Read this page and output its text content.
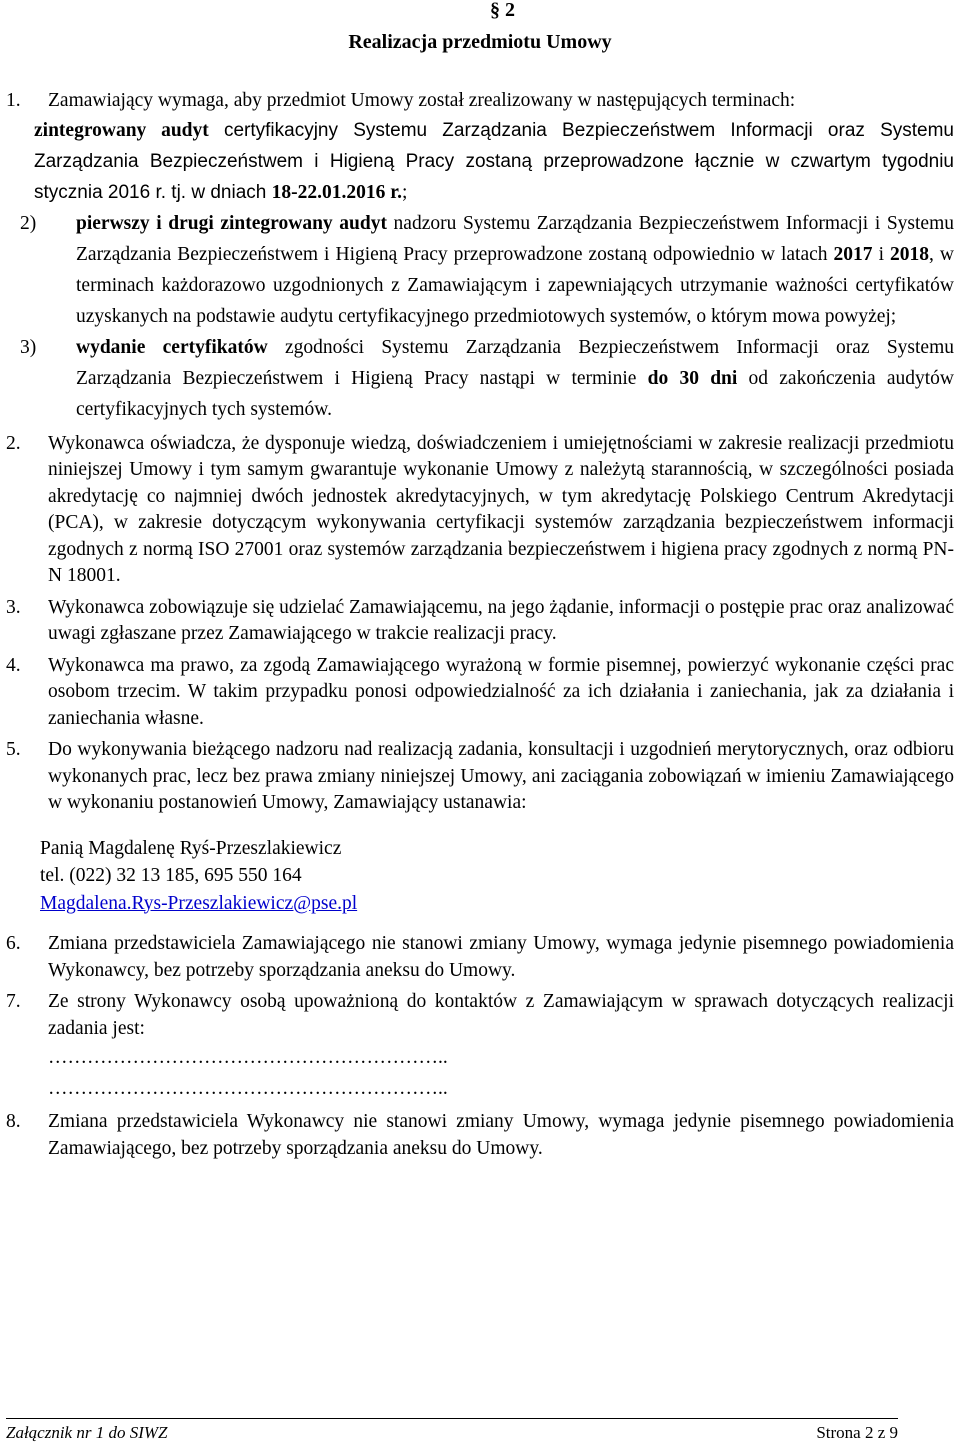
§ 2
Realizacja przedmiotu Umowy
1. Zamawiający wymaga, aby przedmiot Umowy został zrealizowany w następujących terminach:
zintegrowany audyt certyfikacyjny Systemu Zarządzania Bezpieczeństwem Informacji oraz Systemu Zarządzania Bezpieczeństwem i Higieną Pracy zostaną przeprowadzone łącznie w czwartym tygodniu stycznia 2016 r. tj. w dniach 18-22.01.2016 r.;
2) pierwszy i drugi zintegrowany audyt nadzoru Systemu Zarządzania Bezpieczeństwem Informacji i Systemu Zarządzania Bezpieczeństwem i Higieną Pracy przeprowadzone zostaną odpowiednio w latach 2017 i 2018, w terminach każdorazowo uzgodnionych z Zamawiającym i zapewniających utrzymanie ważności certyfikatów uzyskanych na podstawie audytu certyfikacyjnego przedmiotowych systemów, o którym mowa powyżej;
3) wydanie certyfikatów zgodności Systemu Zarządzania Bezpieczeństwem Informacji oraz Systemu Zarządzania Bezpieczeństwem i Higieną Pracy nastąpi w terminie do 30 dni od zakończenia audytów certyfikacyjnych tych systemów.
2. Wykonawca oświadcza, że dysponuje wiedzą, doświadczeniem i umiejętnościami w zakresie realizacji przedmiotu niniejszej Umowy i tym samym gwarantuje wykonanie Umowy z należytą starannością, w szczególności posiada akredytację co najmniej dwóch jednostek akredytacyjnych, w tym akredytację Polskiego Centrum Akredytacji (PCA), w zakresie dotyczącym wykonywania certyfikacji systemów zarządzania bezpieczeństwem informacji zgodnych z normą ISO 27001 oraz systemów zarządzania bezpieczeństwem i higiena pracy zgodnych z normą PN-N 18001.
3. Wykonawca zobowiązuje się udzielać Zamawiającemu, na jego żądanie, informacji o postępie prac oraz analizować uwagi zgłaszane przez Zamawiającego w trakcie realizacji pracy.
4. Wykonawca ma prawo, za zgodą Zamawiającego wyrażoną w formie pisemnej, powierzyć wykonanie części prac osobom trzecim. W takim przypadku ponosi odpowiedzialność za ich działania i zaniechania, jak za działania i zaniechania własne.
5. Do wykonywania bieżącego nadzoru nad realizacją zadania, konsultacji i uzgodnień merytorycznych, oraz odbioru wykonanych prac, lecz bez prawa zmiany niniejszej Umowy, ani zaciągania zobowiązań w imieniu Zamawiającego w wykonaniu postanowień Umowy, Zamawiający ustanawia:
Panią Magdalenę Ryś-Przeszlakiewicz
tel. (022) 32 13 185, 695 550 164
Magdalena.Rys-Przeszlakiewicz@pse.pl
6. Zmiana przedstawiciela Zamawiającego nie stanowi zmiany Umowy, wymaga jedynie pisemnego powiadomienia Wykonawcy, bez potrzeby sporządzania aneksu do Umowy.
7. Ze strony Wykonawcy osobą upoważnioną do kontaktów z Zamawiającym w sprawach dotyczących realizacji zadania jest:
……………………………………………………..
……………………………………………………..
8. Zmiana przedstawiciela Wykonawcy nie stanowi zmiany Umowy, wymaga jedynie pisemnego powiadomienia Zamawiającego, bez potrzeby sporządzania aneksu do Umowy.
Załącznik nr 1 do SIWZ	Strona 2 z 9
